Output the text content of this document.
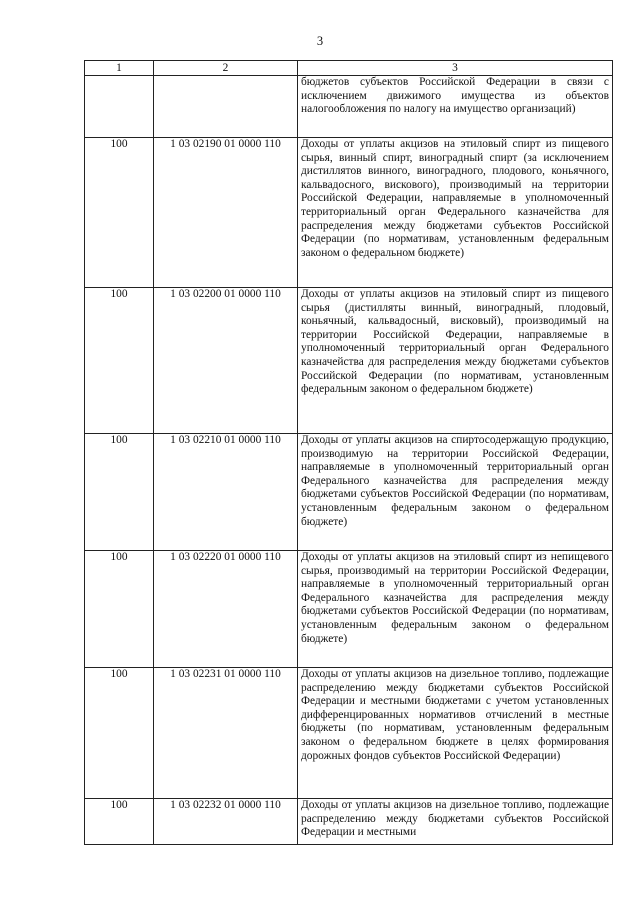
3
1	2	3
		бюджетов субъектов Российской Федерации в связи с исключением движимого имущества из объектов налогообложения по налогу на имущество организаций)
100	1 03 02190 01 0000 110	Доходы от уплаты акцизов на этиловый спирт из пищевого сырья, винный спирт, виноградный спирт (за исключением дистиллятов винного, виноградного, плодового, коньячного, кальвадосного, вискового), производимый на территории Российской Федерации, направляемые в уполномоченный территориальный орган Федерального казначейства для распределения между бюджетами субъектов Российской Федерации (по нормативам, установленным федеральным законом о федеральном бюджете)
100	1 03 02200 01 0000 110	Доходы от уплаты акцизов на этиловый спирт из пищевого сырья (дистилляты винный, виноградный, плодовый, коньячный, кальвадосный, висковый), производимый на территории Российской Федерации, направляемые в уполномоченный территориальный орган Федерального казначейства для распределения между бюджетами субъектов Российской Федерации (по нормативам, установленным федеральным законом о федеральном бюджете)
100	1 03 02210 01 0000 110	Доходы от уплаты акцизов на спиртосодержащую продукцию, производимую на территории Российской Федерации, направляемые в уполномоченный территориальный орган Федерального казначейства для распределения между бюджетами субъектов Российской Федерации (по нормативам, установленным федеральным законом о федеральном бюджете)
100	1 03 02220 01 0000 110	Доходы от уплаты акцизов на этиловый спирт из непищевого сырья, производимый на территории Российской Федерации, направляемые в уполномоченный территориальный орган Федерального казначейства для распределения между бюджетами субъектов Российской Федерации (по нормативам, установленным федеральным законом о федеральном бюджете)
100	1 03 02231 01 0000 110	Доходы от уплаты акцизов на дизельное топливо, подлежащие распределению между бюджетами субъектов Российской Федерации и местными бюджетами с учетом установленных дифференцированных нормативов отчислений в местные бюджеты (по нормативам, установленным федеральным законом о федеральном бюджете в целях формирования дорожных фондов субъектов Российской Федерации)
100	1 03 02232 01 0000 110	Доходы от уплаты акцизов на дизельное топливо, подлежащие распределению между бюджетами субъектов Российской Федерации и местными
